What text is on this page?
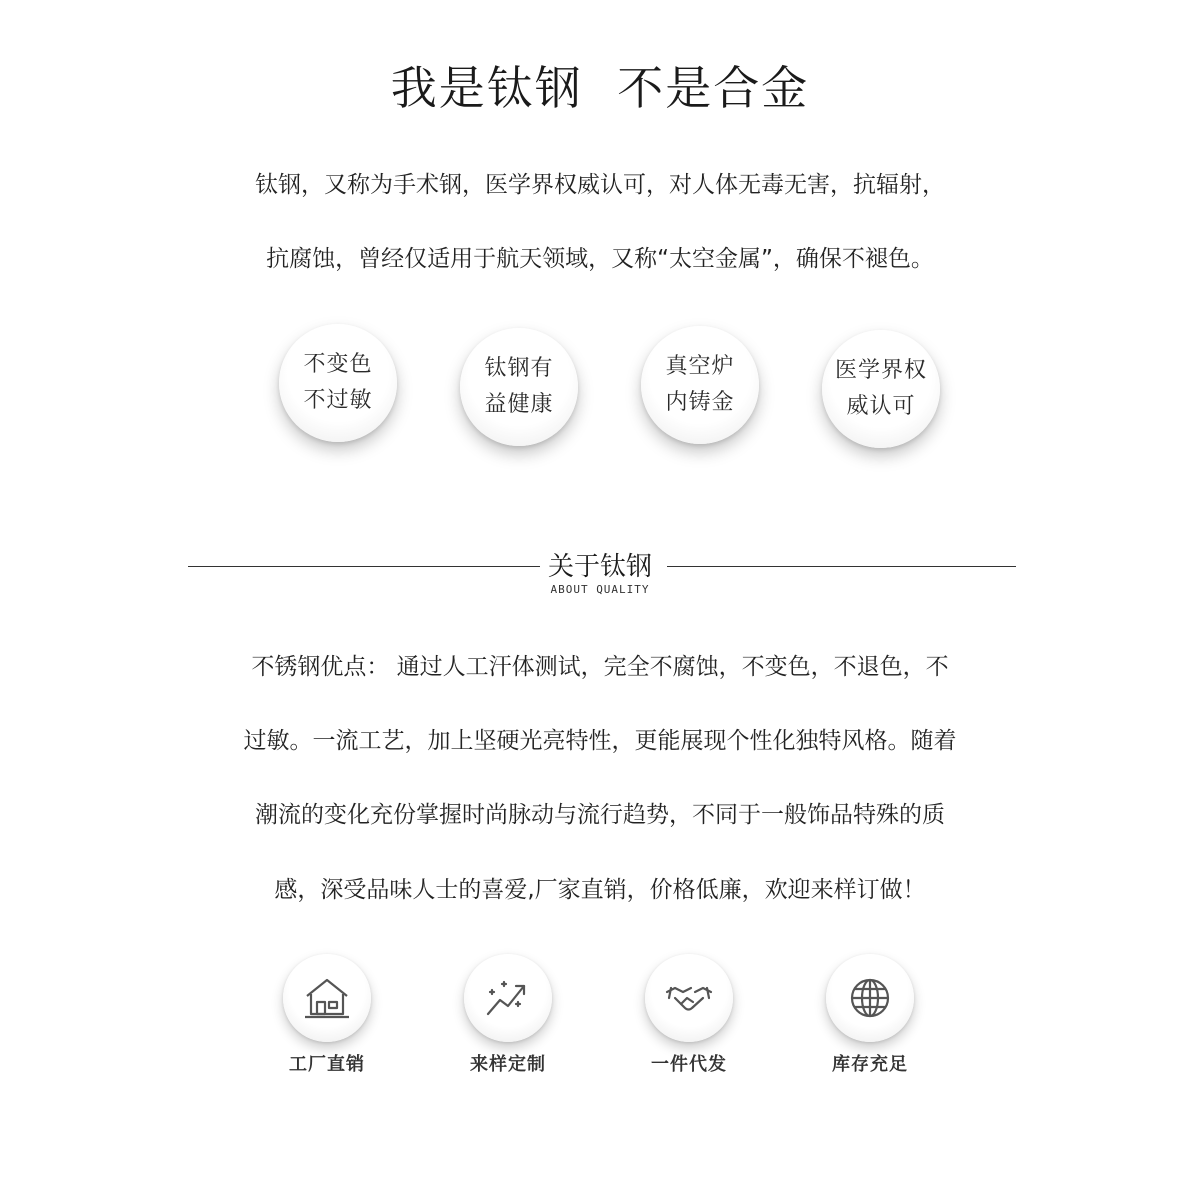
我是钛钢 不是合金
钛钢，又称为手术钢，医学界权威认可，对人体无毒无害，抗辐射，
抗腐蚀，曾经仅适用于航天领域，又称“太空金属”，确保不褪色。
不变色
不过敏
钛钢有
益健康
真空炉
内铸金
医学界权
威认可
关于钛钢
ABOUT QUALITY
不锈钢优点： 通过人工汗体测试，完全不腐蚀，不变色，不退色，不
过敏。一流工艺，加上坚硬光亮特性，更能展现个性化独特风格。随着
潮流的变化充份掌握时尚脉动与流行趋势，不同于一般饰品特殊的质
感，深受品味人士的喜爱,厂家直销，价格低廉，欢迎来样订做！
工厂直销	来样定制	一件代发	库存充足
